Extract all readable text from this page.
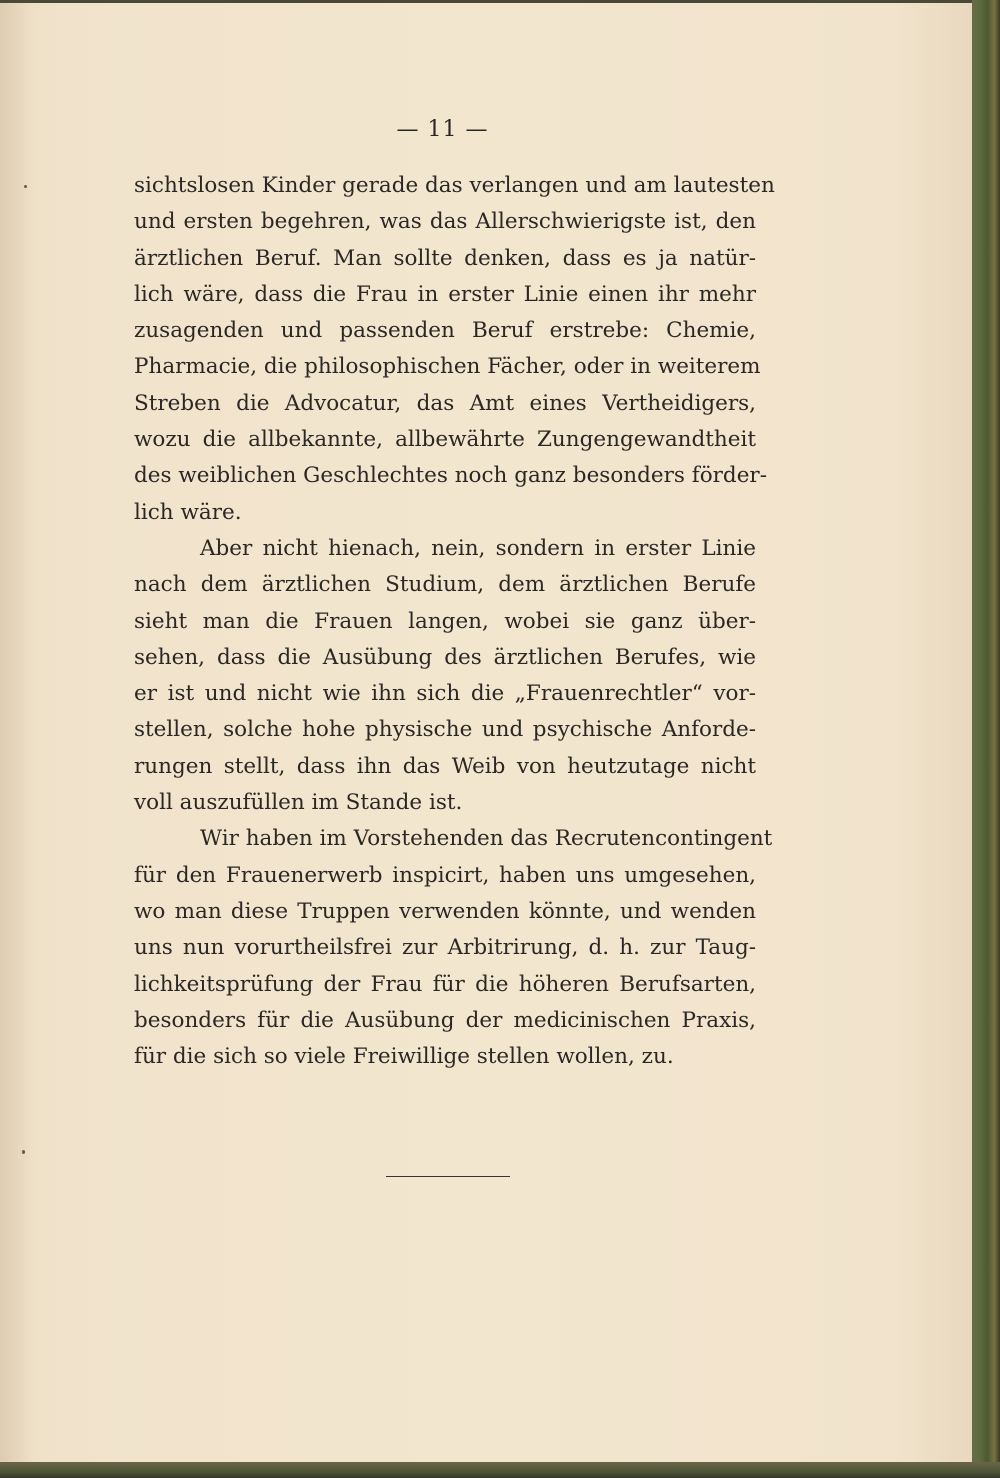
— 11 —
sichtslosen Kinder gerade das verlangen und am lautesten
und ersten begehren, was das Allerschwierigste ist, den
ärztlichen Beruf. Man sollte denken, dass es ja natür-
lich wäre, dass die Frau in erster Linie einen ihr mehr
zusagenden und passenden Beruf erstrebe: Chemie,
Pharmacie, die philosophischen Fächer, oder in weiterem
Streben die Advocatur, das Amt eines Vertheidigers,
wozu die allbekannte, allbewährte Zungengewandtheit
des weiblichen Geschlechtes noch ganz besonders förder-
lich wäre.
Aber nicht hienach, nein, sondern in erster Linie
nach dem ärztlichen Studium, dem ärztlichen Berufe
sieht man die Frauen langen, wobei sie ganz über-
sehen, dass die Ausübung des ärztlichen Berufes, wie
er ist und nicht wie ihn sich die „Frauenrechtler“ vor-
stellen, solche hohe physische und psychische Anforde-
rungen stellt, dass ihn das Weib von heutzutage nicht
voll auszufüllen im Stande ist.
Wir haben im Vorstehenden das Recrutencontingent
für den Frauenerwerb inspicirt, haben uns umgesehen,
wo man diese Truppen verwenden könnte, und wenden
uns nun vorurtheilsfrei zur Arbitrirung, d. h. zur Taug-
lichkeitsprüfung der Frau für die höheren Berufsarten,
besonders für die Ausübung der medicinischen Praxis,
für die sich so viele Freiwillige stellen wollen, zu.
